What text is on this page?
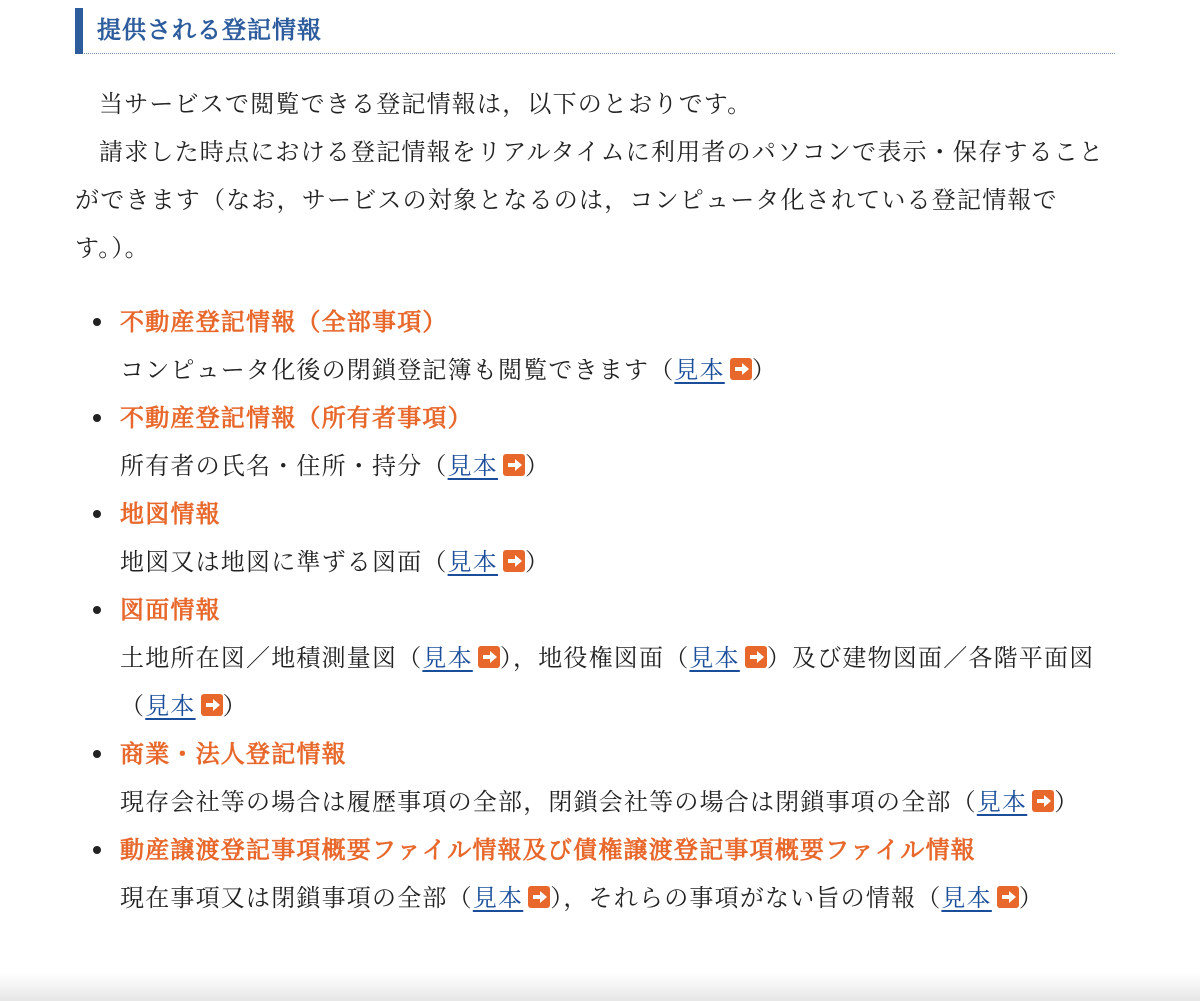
提供される登記情報

当サービスで閲覧できる登記情報は，以下のとおりです。

請求した時点における登記情報をリアルタイムに利用者のパソコンで表示・保存することができます（なお，サービスの対象となるのは，コンピュータ化されている登記情報です。）。

不動産登記情報（全部事項）
コンピュータ化後の閉鎖登記簿も閲覧できます（見本 ）
不動産登記情報（所有者事項）
所有者の氏名・住所・持分（見本 ）
地図情報
地図又は地図に準ずる図面（見本 ）
図面情報
土地所在図／地積測量図（見本 ），地役権図面（見本 ）及び建物図面／各階平面図（見本 ）
商業・法人登記情報
現存会社等の場合は履歴事項の全部，閉鎖会社等の場合は閉鎖事項の全部（見本 ）
動産譲渡登記事項概要ファイル情報及び債権譲渡登記事項概要ファイル情報
現在事項又は閉鎖事項の全部（見本 ），それらの事項がない旨の情報（見本 ）
